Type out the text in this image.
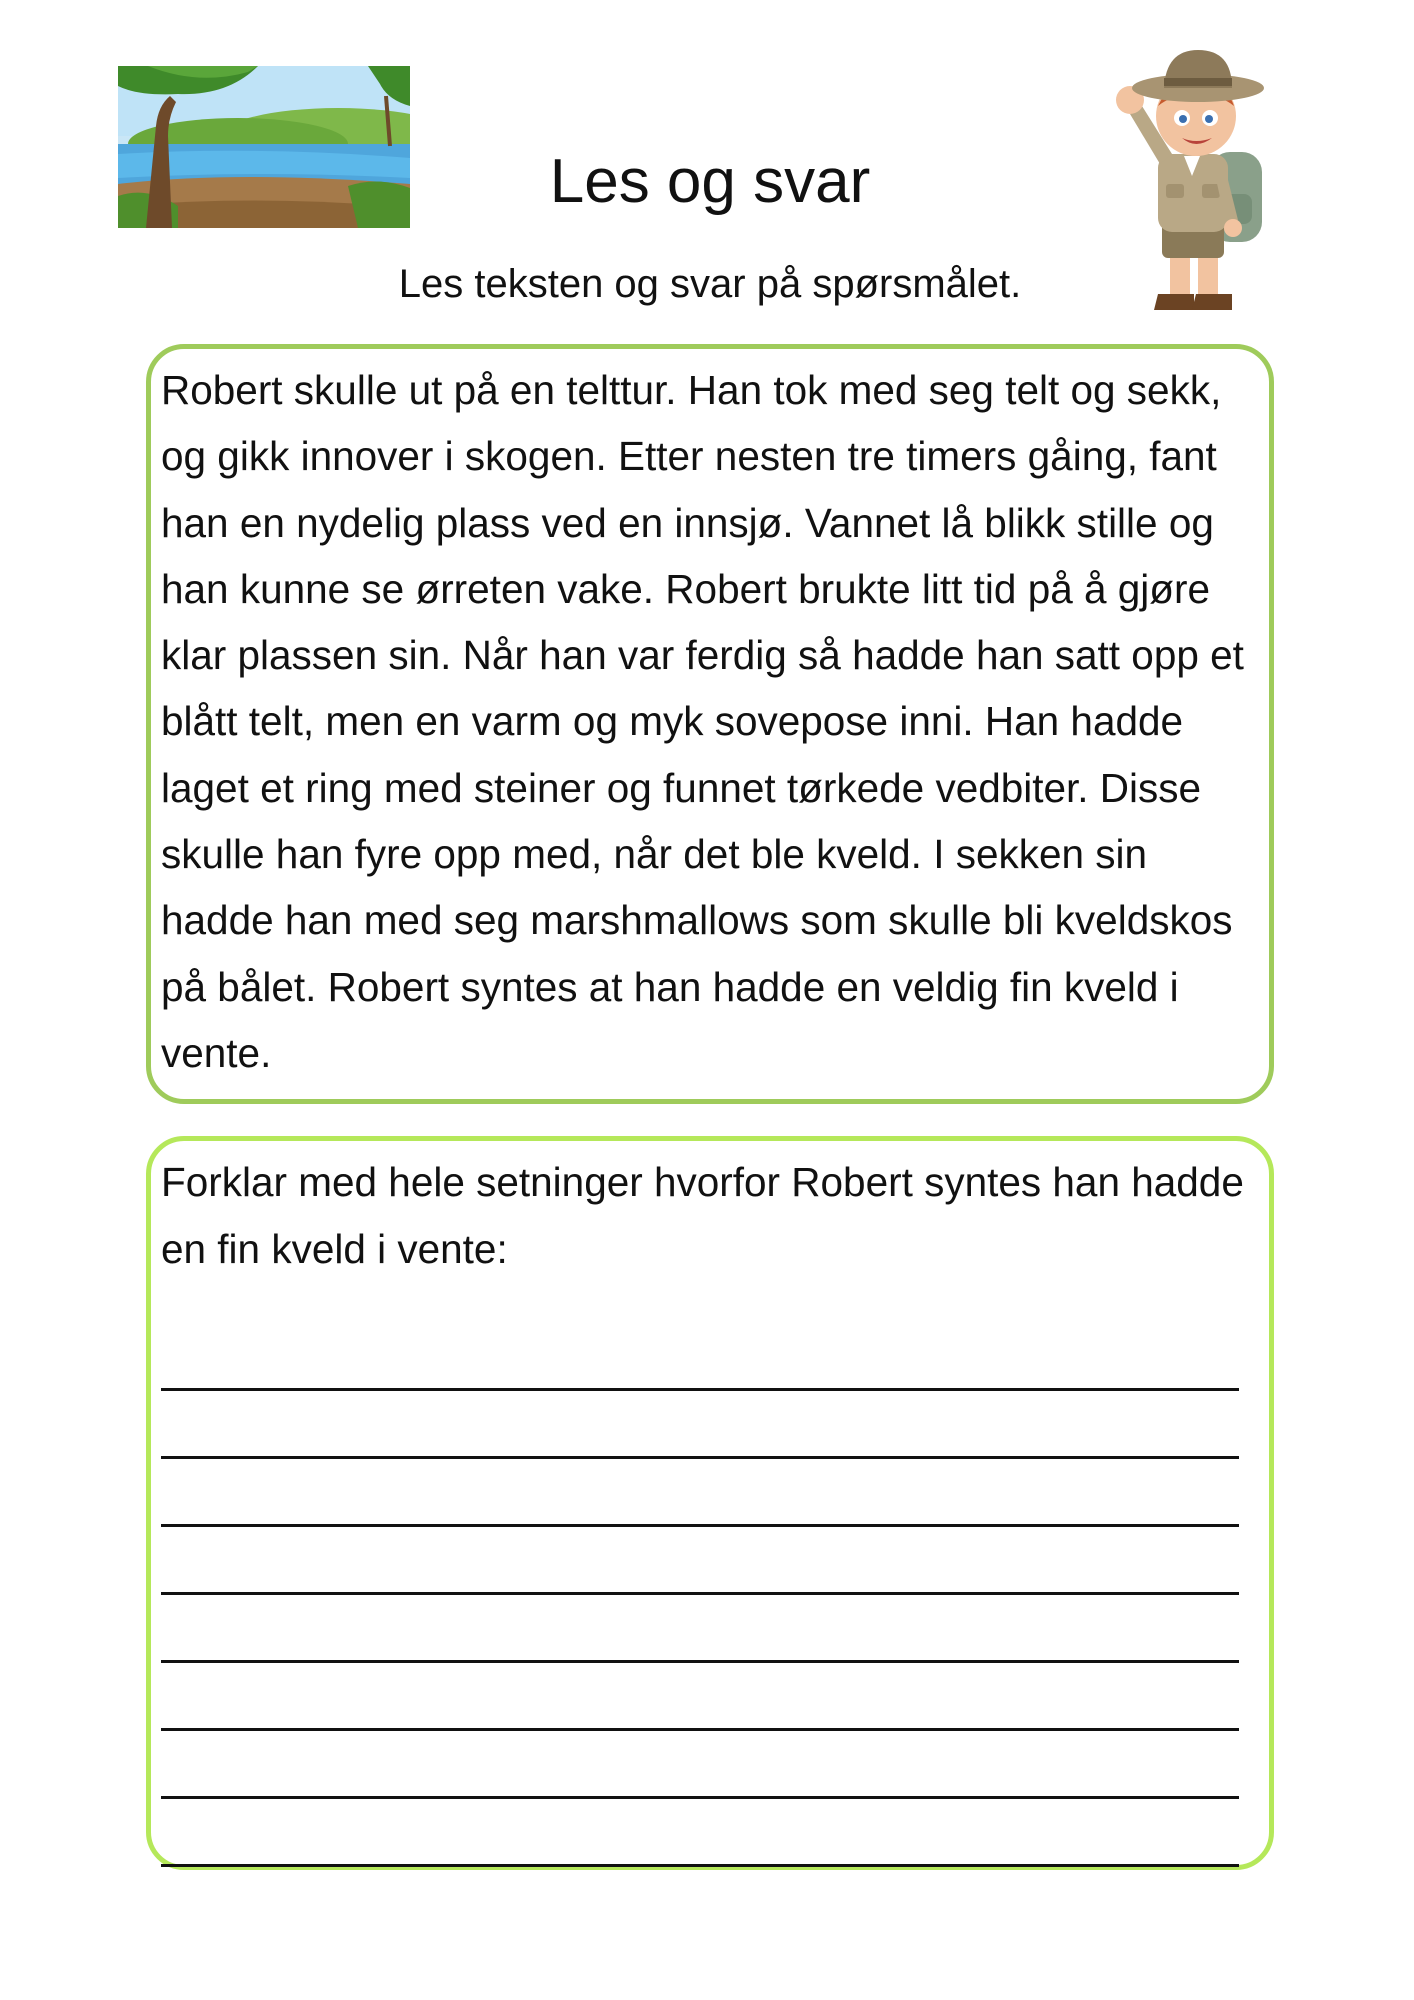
Les og svar

Les teksten og svar på spørsmålet.

Robert skulle ut på en telttur. Han tok med seg telt og sekk, og gikk innover i skogen. Etter nesten tre timers gåing, fant han en nydelig plass ved en innsjø. Vannet lå blikk stille og han kunne se ørreten vake. Robert brukte litt tid på å gjøre klar plassen sin. Når han var ferdig så hadde han satt opp et blått telt, men en varm og myk sovepose inni. Han hadde laget et ring med steiner og funnet tørkede vedbiter. Disse skulle han fyre opp med, når det ble kveld. I sekken sin hadde han med seg marshmallows som skulle bli kveldskos på bålet. Robert syntes at han hadde en veldig fin kveld i vente.

Forklar med hele setninger hvorfor Robert syntes han hadde en fin kveld i vente:
